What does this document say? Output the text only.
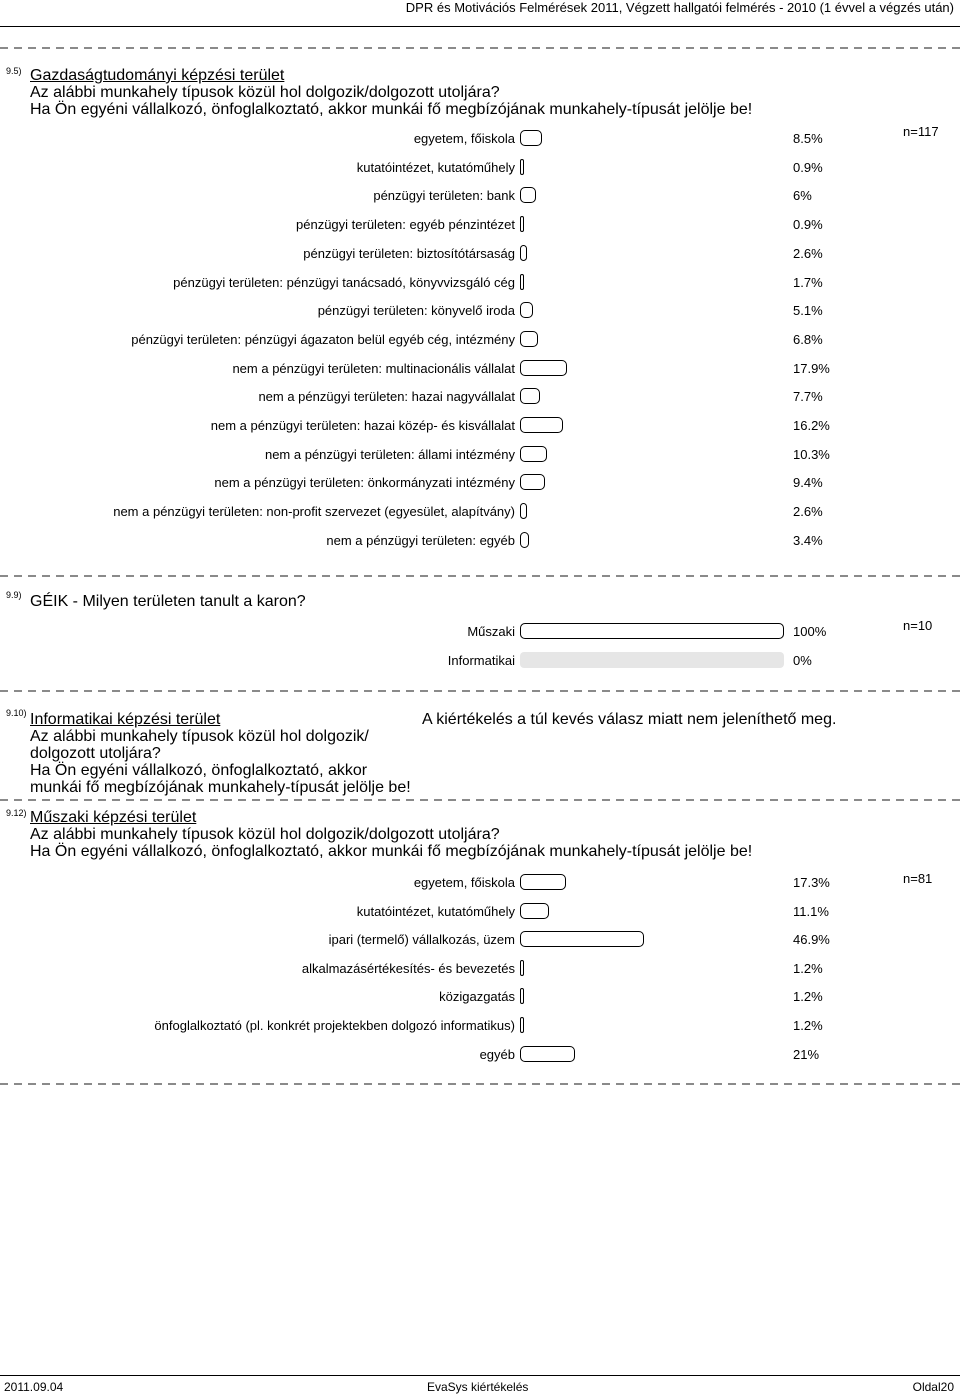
DPR és Motivációs Felmérések 2011, Végzett hallgatói felmérés - 2010 (1 évvel a végzés után)
9.5) Gazdaságtudományi képzési terület
Az alábbi munkahely típusok közül hol dolgozik/dolgozott utoljára?
Ha Ön egyéni vállalkozó, önfoglalkoztató, akkor munkái fő megbízójának munkahely-típusát jelölje be!
n=117
egyetem, főiskola	8.5%
kutatóintézet, kutatóműhely	0.9%
pénzügyi területen: bank	6%
pénzügyi területen: egyéb pénzintézet	0.9%
pénzügyi területen: biztosítótársaság	2.6%
pénzügyi területen: pénzügyi tanácsadó, könyvvizsgáló cég	1.7%
pénzügyi területen: könyvelő iroda	5.1%
pénzügyi területen: pénzügyi ágazaton belül egyéb cég, intézmény	6.8%
nem a pénzügyi területen: multinacionális vállalat	17.9%
nem a pénzügyi területen: hazai nagyvállalat	7.7%
nem a pénzügyi területen: hazai közép- és kisvállalat	16.2%
nem a pénzügyi területen: állami intézmény	10.3%
nem a pénzügyi területen: önkormányzati intézmény	9.4%
nem a pénzügyi területen: non-profit szervezet (egyesület, alapítvány)	2.6%
nem a pénzügyi területen: egyéb	3.4%
9.9) GÉIK - Milyen területen tanult a karon?
n=10
Műszaki	100%
Informatikai	0%
9.10) Informatikai képzési terület
Az alábbi munkahely típusok közül hol dolgozik/
dolgozott utoljára?
Ha Ön egyéni vállalkozó, önfoglalkoztató, akkor
munkái fő megbízójának munkahely-típusát jelölje be!
A kiértékelés a túl kevés válasz miatt nem jeleníthető meg.
9.12) Műszaki képzési terület
Az alábbi munkahely típusok közül hol dolgozik/dolgozott utoljára?
Ha Ön egyéni vállalkozó, önfoglalkoztató, akkor munkái fő megbízójának munkahely-típusát jelölje be!
n=81
egyetem, főiskola	17.3%
kutatóintézet, kutatóműhely	11.1%
ipari (termelő) vállalkozás, üzem	46.9%
alkalmazásértékesítés- és bevezetés	1.2%
közigazgatás	1.2%
önfoglalkoztató (pl. konkrét projektekben dolgozó informatikus)	1.2%
egyéb	21%
2011.09.04	EvaSys kiértékelés	Oldal20
